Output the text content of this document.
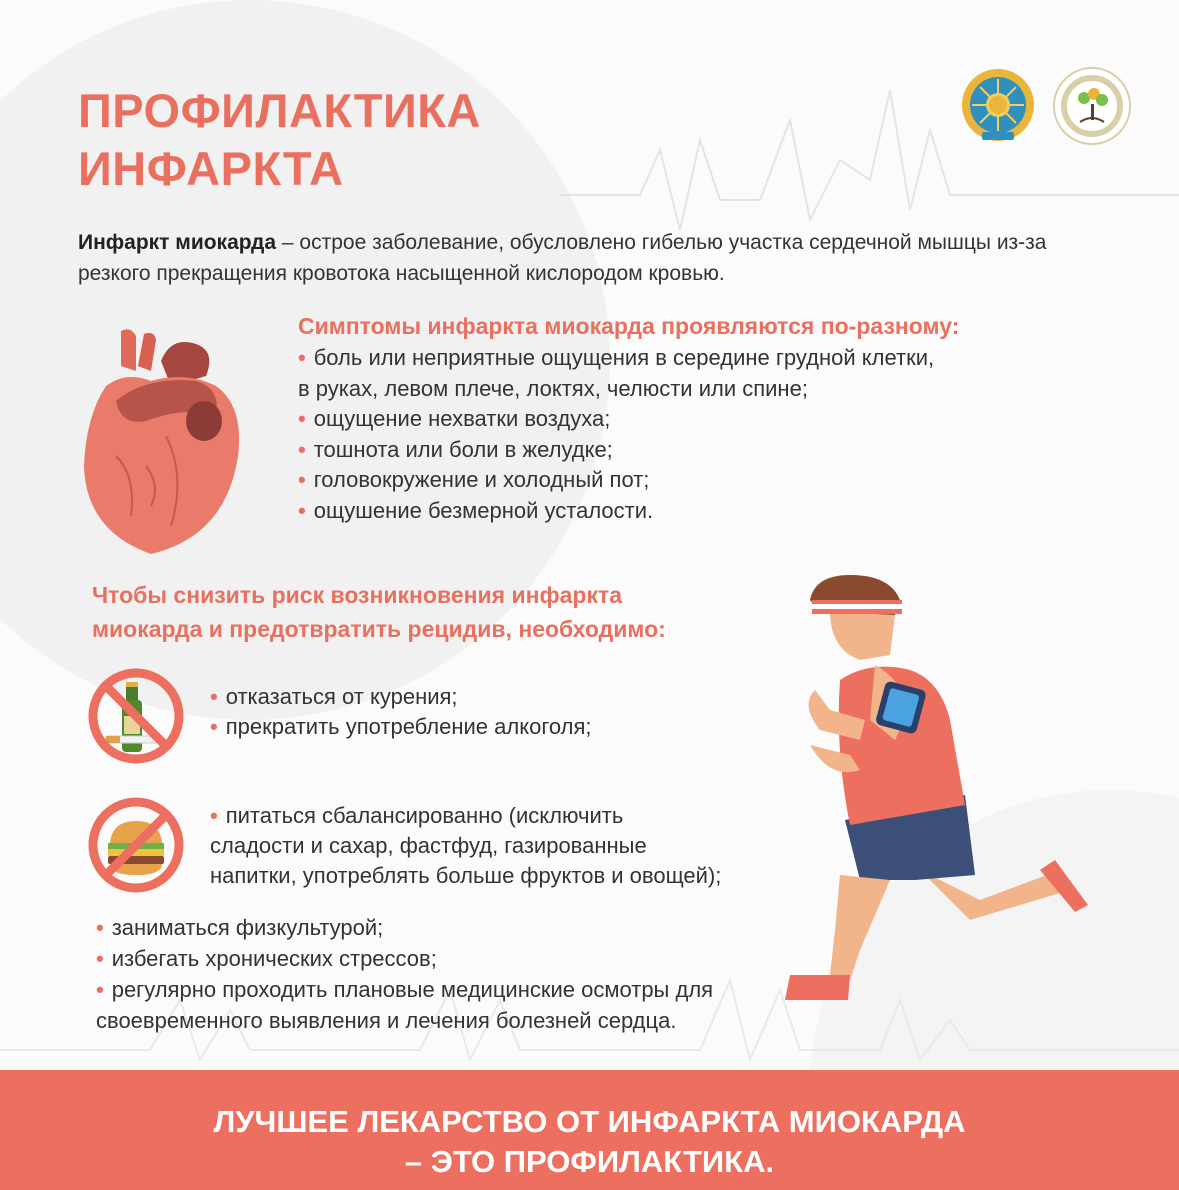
ПРОФИЛАКТИКА
ИНФАРКТА
Инфаркт миокарда – острое заболевание, обусловлено гибелью участка сердечной мышцы из-за резкого прекращения кровотока насыщенной кислородом кровью.
Симптомы инфаркта миокарда проявляются по-разному:
• боль или неприятные ощущения в середине грудной клетки,
в руках, левом плече, локтях, челюсти или спине;
• ощущение нехватки воздуха;
• тошнота или боли в желудке;
• головокружение и холодный пот;
• ощушение безмерной усталости.
Чтобы снизить риск возникновения инфаркта
миокарда и предотвратить рецидив, необходимо:
• отказаться от курения;
• прекратить употребление алкоголя;
• питаться сбалансированно (исключить
сладости и сахар, фастфуд, газированные
напитки, употреблять больше фруктов и овощей);
• заниматься физкультурой;
• избегать хронических стрессов;
• регулярно проходить плановые медицинские осмотры для
своевременного выявления и лечения болезней сердца.
ЛУЧШЕЕ ЛЕКАРСТВО ОТ ИНФАРКТА МИОКАРДА
– ЭТО ПРОФИЛАКТИКА.
